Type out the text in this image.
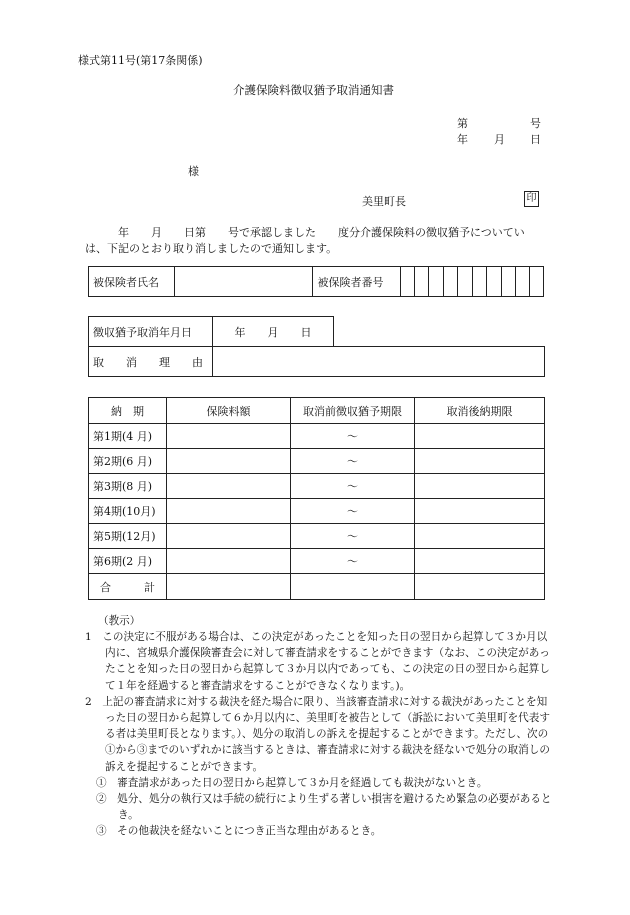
様式第11号(第17条関係)
介護保険料徴収猶予取消通知書
第	号
年 月 日
様
美里町長	印
年　　月　　日第　　号で承認しました　　度分介護保険料の徴収猶予についてい
は、下記のとおり取り消しましたので通知します。
被保険者氏名		被保険者番号										
徴収猶予取消年月日	年　　月　　日
取　　消　　理　　由	
納　期	保険料額	取消前徴収猶予期限	取消後納期限
第1期(4 月)		～	
第2期(6 月)		～	
第3期(8 月)		～	
第4期(10月)		～	
第5期(12月)		～	
第6期(2 月)		～	
合　　　計			
（教示）

1　この決定に不服がある場合は、この決定があったことを知った日の翌日から起算して３か月以内に、宮城県介護保険審査会に対して審査請求をすることができます（なお、この決定があったことを知った日の翌日から起算して３か月以内であっても、この決定の日の翌日から起算して１年を経過すると審査請求をすることができなくなります。)。

2　上記の審査請求に対する裁決を経た場合に限り、当該審査請求に対する裁決があったことを知った日の翌日から起算して６か月以内に、美里町を被告として（訴訟において美里町を代表する者は美里町長となります。）、処分の取消しの訴えを提起することができます。ただし、次の①から③までのいずれかに該当するときは、審査請求に対する裁決を経ないで処分の取消しの訴えを提起することができます。

①　審査請求があった日の翌日から起算して３か月を経過しても裁決がないとき。

②　処分、処分の執行又は手続の続行により生ずる著しい損害を避けるため緊急の必要があるとき。

③　その他裁決を経ないことにつき正当な理由があるとき。
